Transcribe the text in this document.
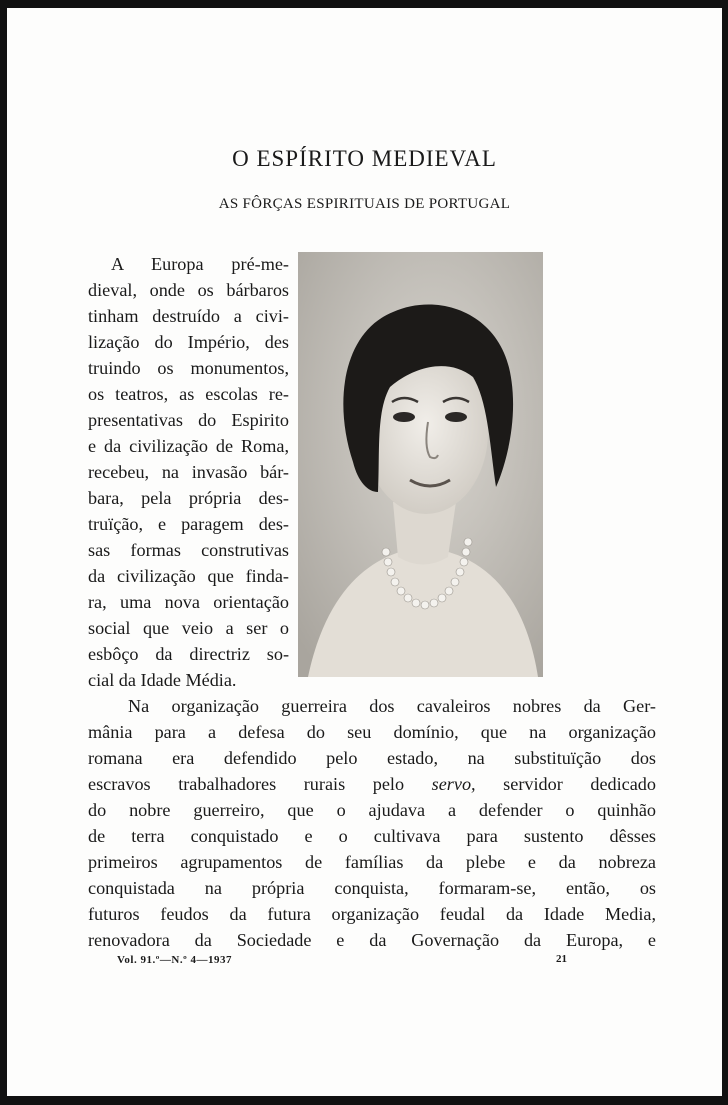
O ESPÍRITO MEDIEVAL
AS FÔRÇAS ESPIRITUAIS DE PORTUGAL
A Europa pré-me-
dieval, onde os bárbaros
tinham destruído a civi-
lização do Império, des
truindo os monumentos,
os teatros, as escolas re-
presentativas do Espirito
e da civilização de Roma,
recebeu, na invasão bár-
bara, pela própria des-
truïção, e paragem des-
sas formas construtivas
da civilização que finda-
ra, uma nova orientação
social que veio a ser o
esbôço da directriz so-
cial da Idade Média.
Na organização guerreira dos cavaleiros nobres da Ger-
mânia para a defesa do seu domínio, que na organização
romana era defendido pelo estado, na substituïção dos
escravos trabalhadores rurais pelo servo, servidor dedicado
do nobre guerreiro, que o ajudava a defender o quinhão
de terra conquistado e o cultivava para sustento dêsses
primeiros agrupamentos de famílias da plebe e da nobreza
conquistada na própria conquista, formaram-se, então, os
futuros feudos da futura organização feudal da Idade Media,
renovadora da Sociedade e da Governação da Europa, e
Vol. 91.º—N.º 4—1937	21
